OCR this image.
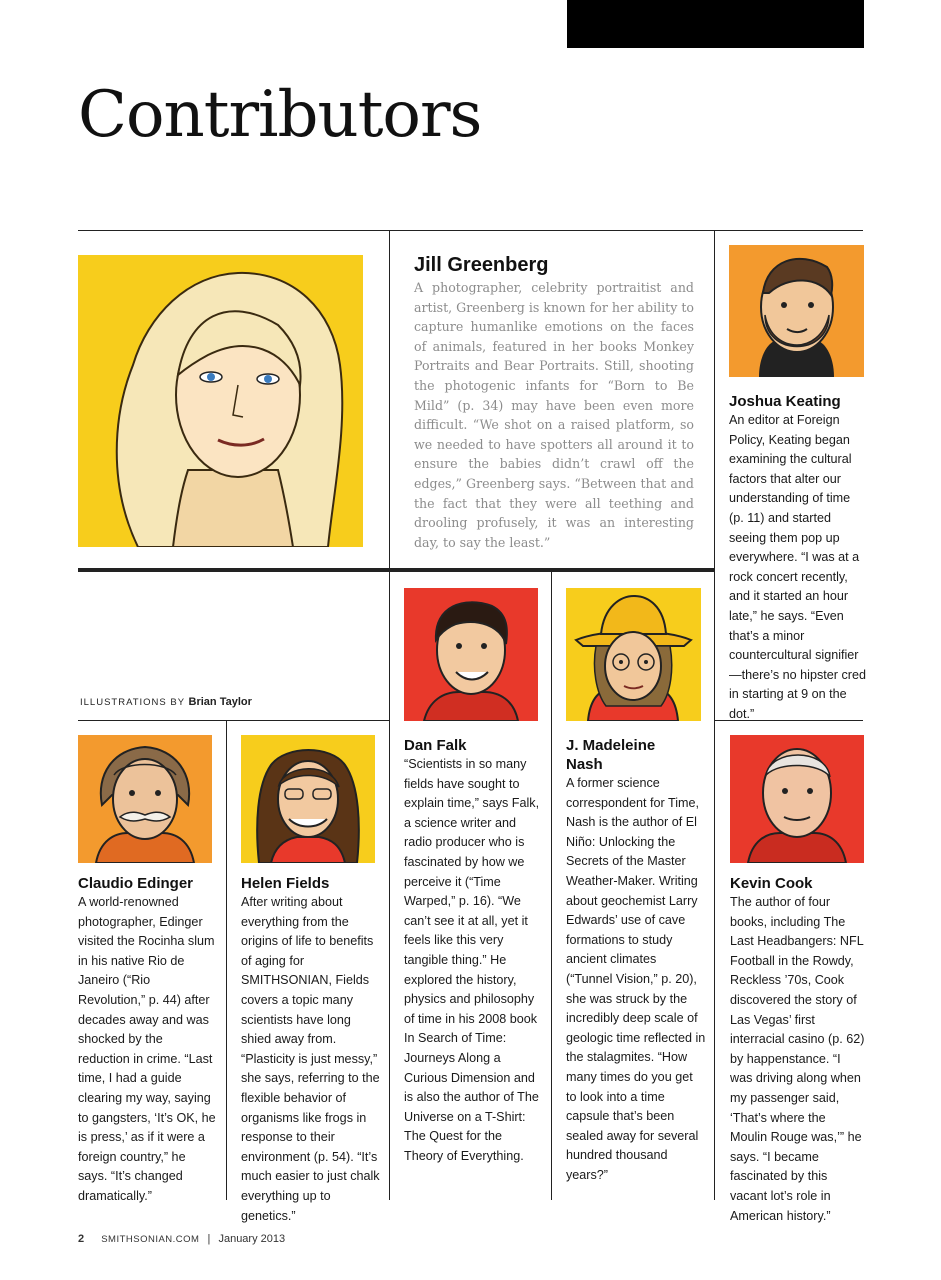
Contributors
Jill Greenberg

A photographer, celebrity portraitist and artist, Greenberg is known for her ability to capture humanlike emotions on the faces of animals, featured in her books Monkey Portraits and Bear Portraits. Still, shooting the photogenic infants for “Born to Be Mild” (p. 34) may have been even more difficult. “We shot on a raised platform, so we needed to have spotters all around it to ensure the babies didn’t crawl off the edges,” Greenberg says. “Between that and the fact that they were all teething and drooling profusely, it was an interesting day, to say the least.”

Joshua Keating

An editor at Foreign Policy, Keating began examining the cultural factors that alter our understanding of time (p. 11) and started seeing them pop up everywhere. “I was at a rock concert recently, and it started an hour late,” he says. “Even that’s a minor countercultural signifier—there’s no hipster cred in starting at 9 on the dot.”

ILLUSTRATIONS BY Brian Taylor
Dan Falk

“Scientists in so many fields have sought to explain time,” says Falk, a science writer and radio producer who is fascinated by how we perceive it (“Time Warped,” p. 16). “We can’t see it at all, yet it feels like this very tangible thing.” He explored the history, physics and philosophy of time in his 2008 book In Search of Time: Journeys Along a Curious Dimension and is also the author of The Universe on a T-Shirt: The Quest for the Theory of Everything.

J. Madeleine Nash

A former science correspondent for Time, Nash is the author of El Niño: Unlocking the Secrets of the Master Weather-Maker. Writing about geochemist Larry Edwards’ use of cave formations to study ancient climates (“Tunnel Vision,” p. 20), she was struck by the incredibly deep scale of geologic time reflected in the stalagmites. “How many times do you get to look into a time capsule that’s been sealed away for several hundred thousand years?”

Claudio Edinger

A world-renowned photographer, Edinger visited the Rocinha slum in his native Rio de Janeiro (“Rio Revolution,” p. 44) after decades away and was shocked by the reduction in crime. “Last time, I had a guide clearing my way, saying to gangsters, ‘It’s OK, he is press,’ as if it were a foreign country,” he says. “It’s changed dramatically.”

Helen Fields

After writing about everything from the origins of life to benefits of aging for SMITHSONIAN, Fields covers a topic many scientists have long shied away from. “Plasticity is just messy,” she says, referring to the flexible behavior of organisms like frogs in response to their environment (p. 54). “It’s much easier to just chalk everything up to genetics.”

Kevin Cook

The author of four books, including The Last Headbangers: NFL Football in the Rowdy, Reckless ’70s, Cook discovered the story of Las Vegas’ first interracial casino (p. 62) by happenstance. “I was driving along when my passenger said, ‘That’s where the Moulin Rouge was,’” he says. “I became fascinated by this vacant lot’s role in American history.”

2 SMITHSONIAN.COM | January 2013
